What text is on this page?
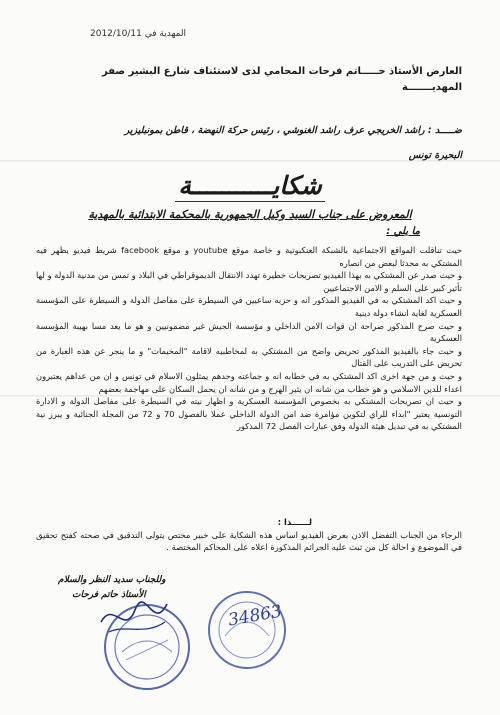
المهدية في 2012/10/11
العارض الأستاذ حـــــاتم فرحات المحامي لدى لاستئناف شارع البشير صفر
المهديـــــــة
ضـــــد : راشد الخريجي عرف راشد الغنوشي ، رئيس حركة النهضة ، قاطن بمونبليزير
البحيرة تونس
شكايـــــــــــة
المعروض على جناب السيد وكيل الجمهورية بالمحكمة الابتدائية بالمهدية
ما يلي :

حيث تناقلت المواقع الاجتماعية بالشبكة العنكبوتية و خاصة موقع youtube و موقع facebook شريط فيديو يظهر فيه المشتكي به محدثا لبعض من انصاره

و حيث صدر عن المشتكي به بهذا الفيديو تصريحات خطيرة تهدد الانتقال الديموقراطي في البلاد و تمس من مدنية الدولة و لها تأثير كبير على السلم و الامن الاجتماعيين

و حيث اكد المشتكي به في الفيديو المذكور انه و حزبه ساعيين في السيطرة على مفاصل الدولة و السيطرة على المؤسسة العسكرية لغاية انشاء دولة دينية

و حيث صرح المذكور صراحة ان قوات الامن الداخلي و مؤسسة الجيش غير مضمونيين و هو ما يعد مسا بهيبة المؤسسة العسكرية

و حيث جاء بالفيديو المذكور تحريض واضح من المشتكي به لمخاطبيه لاقامة "المخيمات" و ما ينجر عن هذه العبارة من تحريض على التدريب على القتال

و حيث و من جهة اخرى اكد المشتكي به في خطابه انه و جماعته وحدهم يمثلون الاسلام في تونس و ان من عداهم يعتبرون اعداء للدين الاسلامي و هو خطاب من شانه ان يثير الهرج و من شانه ان يحمل السكان على مهاجمة بعضهم

و حيث ان تصريحات المشتكي به بخصوص المؤسسة العسكرية و اظهار نيته في السيطرة على مفاصل الدولة و الادارة التونسية يعتبر "ابداء للراي لتكوين مؤامرة ضد امن الدولة الداخلي عملا بالفصول 70 و 72 من المجلة الجنائية و يبرز نية المشتكي به في تبديل هيئة الدولة وفق عبارات الفصل 72 المذكور

لــــــذا :

الرجاء من الجناب التفضل الاذن بعرض الفيديو اساس هذه الشكاية على خبير مختص يتولى التدقيق في صحته كفتح تحقيق في الموضوع و احالة كل من ثبت عليه الجرائم المذكورة اعلاه على المحاكم المختصة .

وللجناب سديد النظر والسلام
الأستاذ حاتم فرحات
34863
